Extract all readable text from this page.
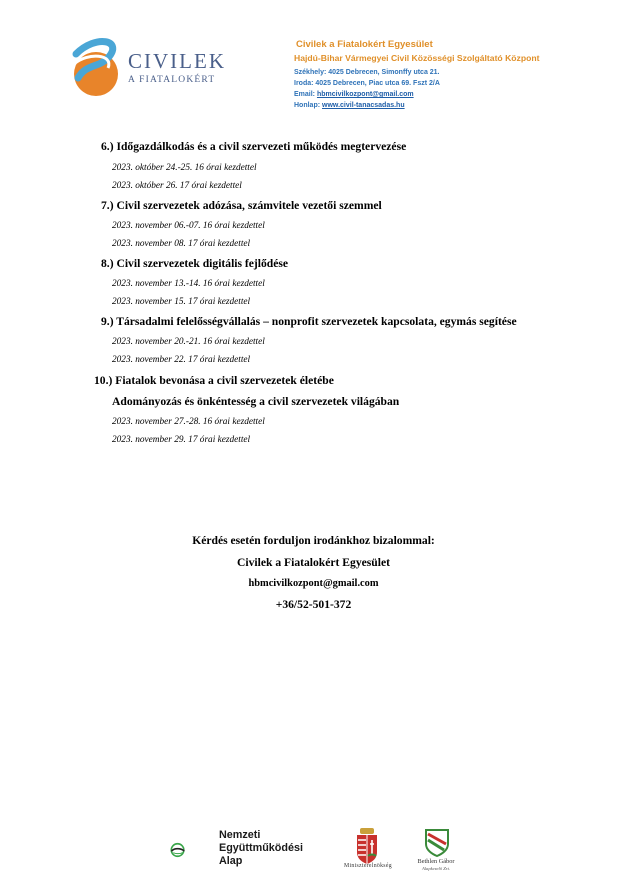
CIVILEK
A FIATALOKÉRT
Civilek a Fiatalokért Egyesület
Hajdú-Bihar Vármegyei Civil Közösségi Szolgáltató Központ
Székhely: 4025 Debrecen, Simonffy utca 21.
Iroda: 4025 Debrecen, Piac utca 69. Fszt 2/A
Email: hbmcivilkozpont@gmail.com
Honlap: www.civil-tanacsadas.hu
6.) Időgazdálkodás és a civil szervezeti működés megtervezése
2023. október 24.-25. 16 órai kezdettel
2023. október 26. 17 órai kezdettel
7.) Civil szervezetek adózása, számvitele vezetői szemmel
2023. november 06.-07. 16 órai kezdettel
2023. november 08. 17 órai kezdettel
8.) Civil szervezetek digitális fejlődése
2023. november 13.-14. 16 órai kezdettel
2023. november 15. 17 órai kezdettel
9.) Társadalmi felelősségvállalás – nonprofit szervezetek kapcsolata, egymás segítése
2023. november 20.-21. 16 órai kezdettel
2023. november 22. 17 órai kezdettel
10.) Fiatalok bevonása a civil szervezetek életébe
Adományozás és önkéntesség a civil szervezetek világában
2023. november 27.-28. 16 órai kezdettel
2023. november 29. 17 órai kezdettel
Kérdés esetén forduljon irodánkhoz bizalommal:
Civilek a Fiatalokért Egyesület
hbmcivilkozpont@gmail.com
+36/52-501-372
Nemzeti
Együttműködési
Alap	Miniszterelnökség
Bethlen Gábor
Alapkezelő Zrt.
